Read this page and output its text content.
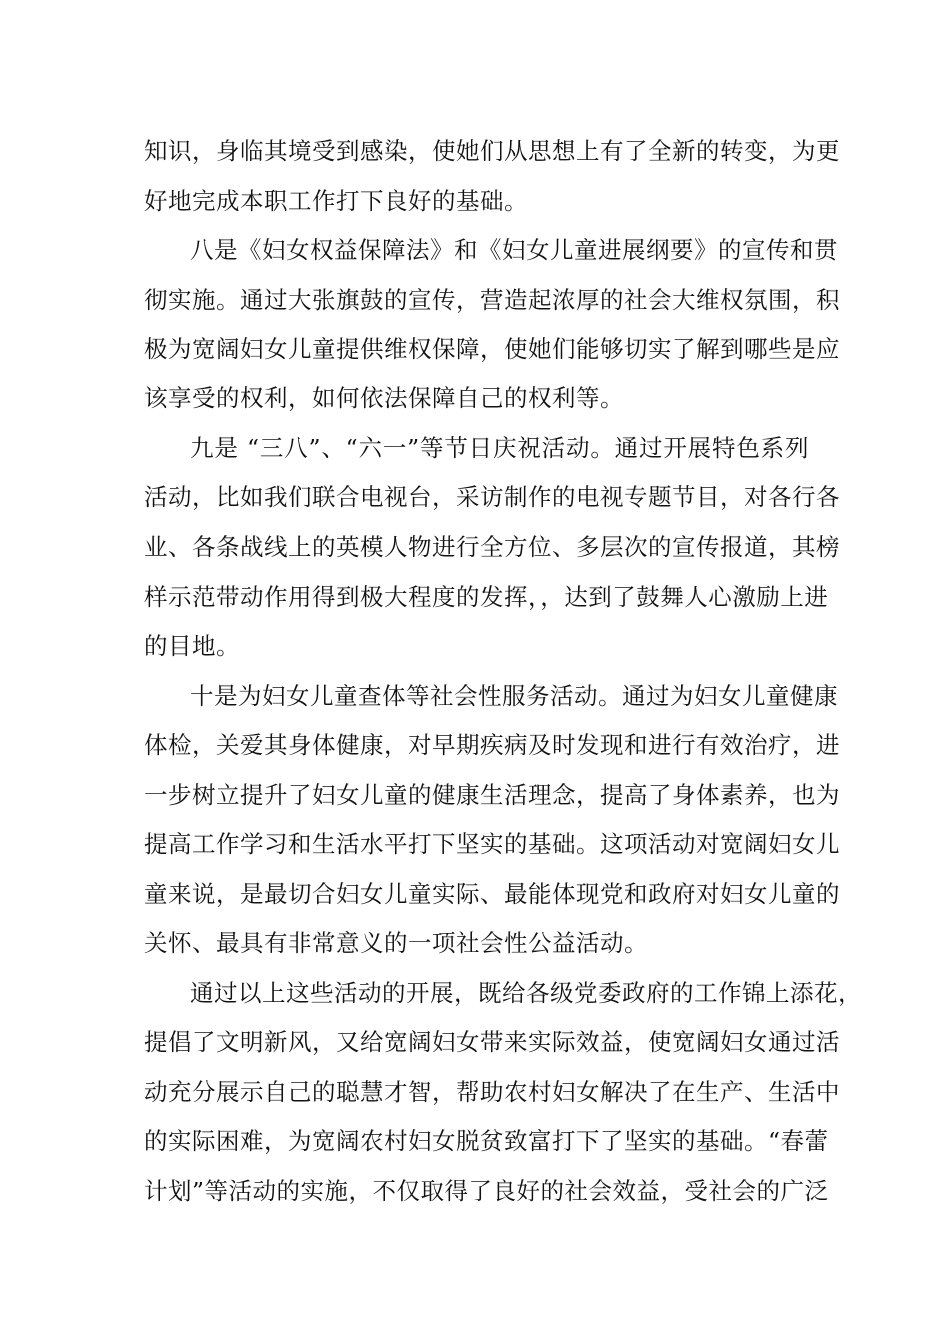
知识，身临其境受到感染，使她们从思想上有了全新的转变，为更
好地完成本职工作打下良好的基础。
八是《妇女权益保障法》和《妇女儿童进展纲要》的宣传和贯
彻实施。通过大张旗鼓的宣传，营造起浓厚的社会大维权氛围，积
极为宽阔妇女儿童提供维权保障，使她们能够切实了解到哪些是应
该享受的权利，如何依法保障自己的权利等。
九是 “三八”、“六一”等节日庆祝活动。通过开展特色系列
活动，比如我们联合电视台，采访制作的电视专题节目，对各行各
业、各条战线上的英模人物进行全方位、多层次的宣传报道，其榜
样示范带动作用得到极大程度的发挥，，达到了鼓舞人心激励上进
的目地。
十是为妇女儿童查体等社会性服务活动。通过为妇女儿童健康
体检，关爱其身体健康，对早期疾病及时发现和进行有效治疗，进
一步树立提升了妇女儿童的健康生活理念，提高了身体素养，也为
提高工作学习和生活水平打下坚实的基础。这项活动对宽阔妇女儿
童来说，是最切合妇女儿童实际、最能体现党和政府对妇女儿童的
关怀、最具有非常意义的一项社会性公益活动。
通过以上这些活动的开展，既给各级党委政府的工作锦上添花，
提倡了文明新风，又给宽阔妇女带来实际效益，使宽阔妇女通过活
动充分展示自己的聪慧才智，帮助农村妇女解决了在生产、生活中
的实际困难，为宽阔农村妇女脱贫致富打下了坚实的基础。“春蕾
计划”等活动的实施，不仅取得了良好的社会效益，受社会的广泛
